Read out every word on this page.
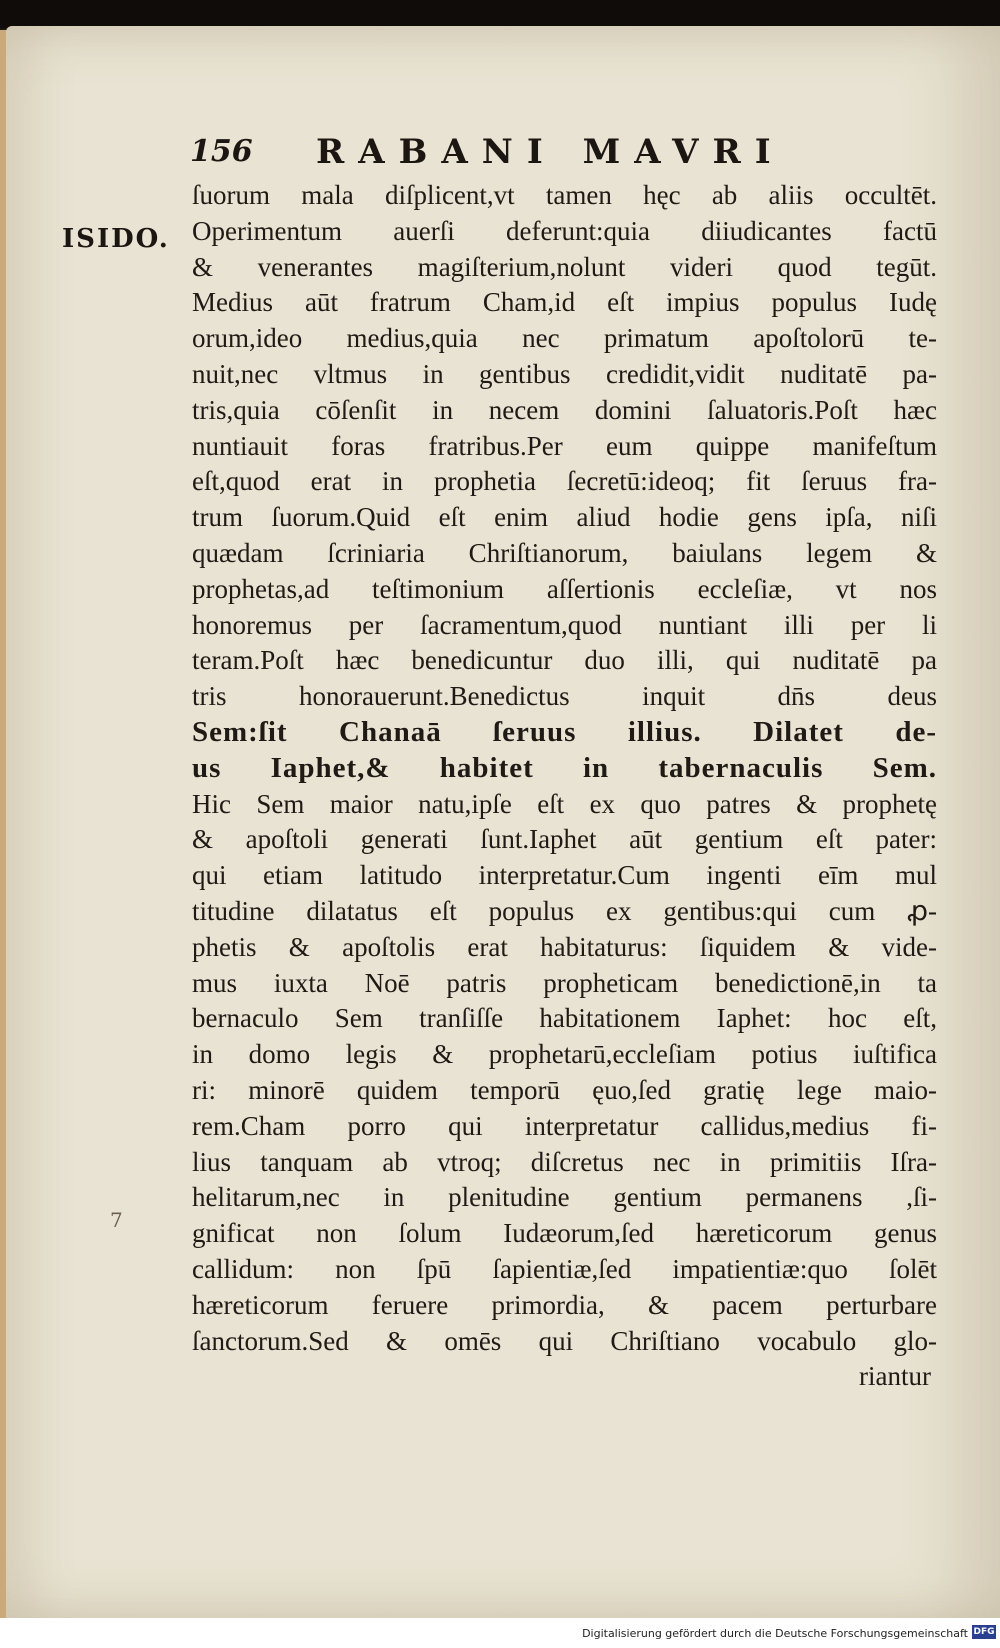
156 RABANI MAVRI
ISIDO.
7
ſuorum mala diſplicent,vt tamen hęc ab aliis occultēt.
Operimentum auerſi deferunt:quia diiudicantes factū
& venerantes magiſterium,nolunt videri quod tegūt.
Medius aūt fratrum Cham,id eſt impius populus Iudę
orum,ideo medius,quia nec primatum apoſtolorū te-
nuit,nec vltmus in gentibus credidit,vidit nuditatē pa-
tris,quia cōſenſit in necem domini ſaluatoris.Poſt hæc
nuntiauit foras fratribus.Per eum quippe manifeſtum
eſt,quod erat in prophetia ſecretū:ideoq; fit ſeruus fra-
trum ſuorum.Quid eſt enim aliud hodie gens ipſa, niſi
quædam ſcriniaria Chriſtianorum, baiulans legem &
prophetas,ad teſtimonium aſſertionis eccleſiæ, vt nos
honoremus per ſacramentum,quod nuntiant illi per li
teram.Poſt hæc benedicuntur duo illi, qui nuditatē pa
tris honorauerunt.Benedictus inquit dn̄s deus
Sem:ſit Chanaā ſeruus illius. Dilatet de-
us Iaphet,& habitet in tabernaculis Sem.
Hic Sem maior natu,ipſe eſt ex quo patres & prophetę
& apoſtoli generati ſunt.Iaphet aūt gentium eſt pater:
qui etiam latitudo interpretatur.Cum ingenti eīm mul
titudine dilatatus eſt populus ex gentibus:qui cum ꝓ-
phetis & apoſtolis erat habitaturus: ſiquidem & vide-
mus iuxta Noē patris propheticam benedictionē,in ta
bernaculo Sem tranſiſſe habitationem Iaphet: hoc eſt,
in domo legis & prophetarū,eccleſiam potius iuſtifica
ri: minorē quidem temporū ęuo,ſed gratię lege maio-
rem.Cham porro qui interpretatur callidus,medius fi-
lius tanquam ab vtroq; diſcretus nec in primitiis Iſra-
helitarum,nec in plenitudine gentium permanens ,ſi-
gnificat non ſolum Iudæorum,ſed hæreticorum genus
callidum: non ſpū ſapientiæ,ſed impatientiæ:quo ſolēt
hæreticorum feruere primordia, & pacem perturbare
ſanctorum.Sed & omēs qui Chriſtiano vocabulo glo-
riantur
Digitalisierung gefördert durch die Deutsche Forschungsgemeinschaft DFG
